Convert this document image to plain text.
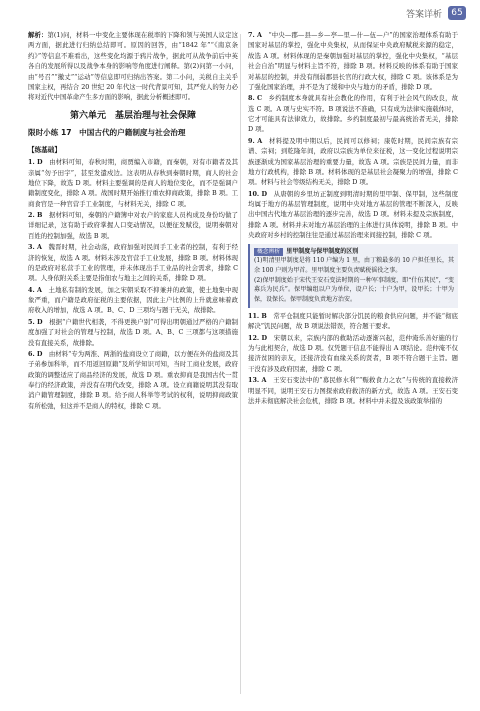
答案详析	65

解析：第(1)问，材料一中变化主要体现在税率的下降和领与英国人议定这两方面，据此进行归纳总结即可。原因的回答，由“1842 年”“《南京条约》”等信息不难看出，这些变化均源于鸦片战争，据此可从战争前后中英各自的发展所得以及战争本身的影响等角度进行阐释。第(2)问第一小问，由“号召”“撤丈”“运动”等信息即可归纳出答案。第二小问，关税自主关乎国家主权，再结合 20 世纪 20 年代这一时代背景可知，其严党人的努力必将对近代中国革命产生多方面的影响，据此分析概述即可。

第六单元　基层治理与社会保障
限时小练 17　中国古代的户籍制度与社会治理
【练基础】

1. D  由材料可知，春秋时期，商贾编入市籍，而秦朝，对有市籍者及其亲属“勿予田宇”，甚至发遣戍边。这表明从春秋到秦朝时期，商人的社会地位下降，故选 D 项。材料主要强调的是商人的地位变化，而不是强调户籍制度变化，排除 A 项。战国时期开始推行重农抑商政策，排除 B 项。工商食官是一种官营手工业制度，与材料无关，排除 C 项。

2. B  据材料可知，秦朝的户籍簿中对农户的家庭人员构成及身份均做了详细记录，这有助于政府掌握人口变动情况，以便征发赋役，说明秦朝对百姓的控制加强，故选 B 项。

3. A  魏晋时期，社会动荡，政府加强对民间手工业者的控制，有利于经济的恢复，故选 A 项。材料未涉及官营手工业发展，排除 B 项。材料体现的是政府对私营手工业的管理，并未体现出手工业品的社会需求，排除 C 项。人身依附关系主要是指佃农与地主之间的关系，排除 D 项。

4. A  土地私有制的发展，加之宋朝采取不抑兼并的政策，使土地集中现象严重，而户籍是政府征税的主要依据，因此主户比例的上升就意味着政府收入的增加，故选 A 项。B、C、D 三项均与题干无关，故排除。

5. D  根据“户籍世代相袭，不得更换户别”可得出明朝通过严格的户籍制度加强了对社会的管理与控制，故选 D 项。A、B、C 三项都与这项措施没有直接关系，故排除。

6. D  由材料“专为两淮、两浙的盐商设立了商籍，以方便在外的盐商及其子弟参加科举，而不用返回原籍”及所学知识可知，当时工商业发展，政府政策的调整适应了商品经济的发展，故选 D 项。重农抑商是我国古代一贯奉行的经济政策，并没有在明代改变，排除 A 项。设立商籍说明其没有取消户籍管理制度，排除 B 项。给予商人科举等考试的权利，说明抑商政策有所松弛，但这并不是商人的特权，排除 C 项。

7. A  “中央—郡—县—乡—亭—里—什—伍—户”的国家治理体系有助于国家对基层的掌控，强化中央集权，从而保证中央政府赋税来源的稳定，故选 A 项。材料体现的是秦朝加强对基层的掌控，强化中央集权，“基层社会自治”明显与材料主旨不符，排除 B 项。材料反映的体系有助于国家对基层的控制，并没有削弱郡县长官的行政大权，排除 C 项。该体系是为了强化国家治理，并不是为了缓和中央与地方的矛盾，排除 D 项。

8. C  乡约制度本身就具有社会教化的作用，有利于社会风气的改良，故选 C 项。A 项与史实不符。B 项说法不准确，只有成为法律实施载体时，它才可能具有法律效力，故排除。乡约制度最初与最高统治者无关，排除 D 项。

9. A  材料提及明中期以后，民间可以修祠；康乾时期，民间宗族有宗谱、宗祠；到乾隆年间，政府以宗族为单位来征税，这一变化过程说明宗族逐渐成为国家基层治理的重要力量，故选 A 项。宗族是民间力量，而非地方行政机构，排除 B 项。材料体现的是基层社会凝聚力的增强，排除 C 项。材料与社会等级结构无关，排除 D 项。

10. D  从唐朝的乡里坊正制度到明清时期的里甲制、保甲制，这些制度均属于地方的基层管理制度，说明中央对地方基层的管理不断深入，反映出中国古代地方基层治理的逐步完善，故选 D 项。材料未提及宗族制度，排除 A 项。材料并未对地方基层治理的主体进行具体说明，排除 B 项。中央政府对乡村的控制往往是通过基层治理来间接控制，排除 C 项。

概念辨析 里甲制度与保甲制度的区别

(1)明清里甲制度是将 110 户编为 1 里，由丁粮最多的 10 户担任里长，其余 100 户则为甲首。里甲制度主要负责赋税徭役之事。

(2)保甲制度始于宋代王安石变法时期的一种军事制度，即“什伍其民”，“变募兵为民兵”。保甲编组以户为单位，设户长；十户为甲，设甲长；十甲为保，设保长。保甲制度负责地方治安。

11. B  常平仓制度只能暂时解决部分饥民的粮食供应问题，并不能“彻底解决”饥民问题，故 B 项说法错误，符合题干要求。

12. D  宋朝以来，宗族内部的救助活动逐渐兴起，范仲淹乐善好施的行为与此相契合，故选 D 项。仅凭题干信息不能得出 A 项结论。范仲淹不仅接济贫困的亲友，还接济没有血缘关系的贤者，B 项不符合题干主旨。题干没有涉及政府因素，排除 C 项。

13. A  王安石变法中的“募民修水利”“赈救食力之农”与传统的直接救济明显不同，说明王安石力图探索政府救济的新方式，故选 A 项。王安石变法并未彻底解决社会危机，排除 B 项。材料中并未提及该政策举措的
